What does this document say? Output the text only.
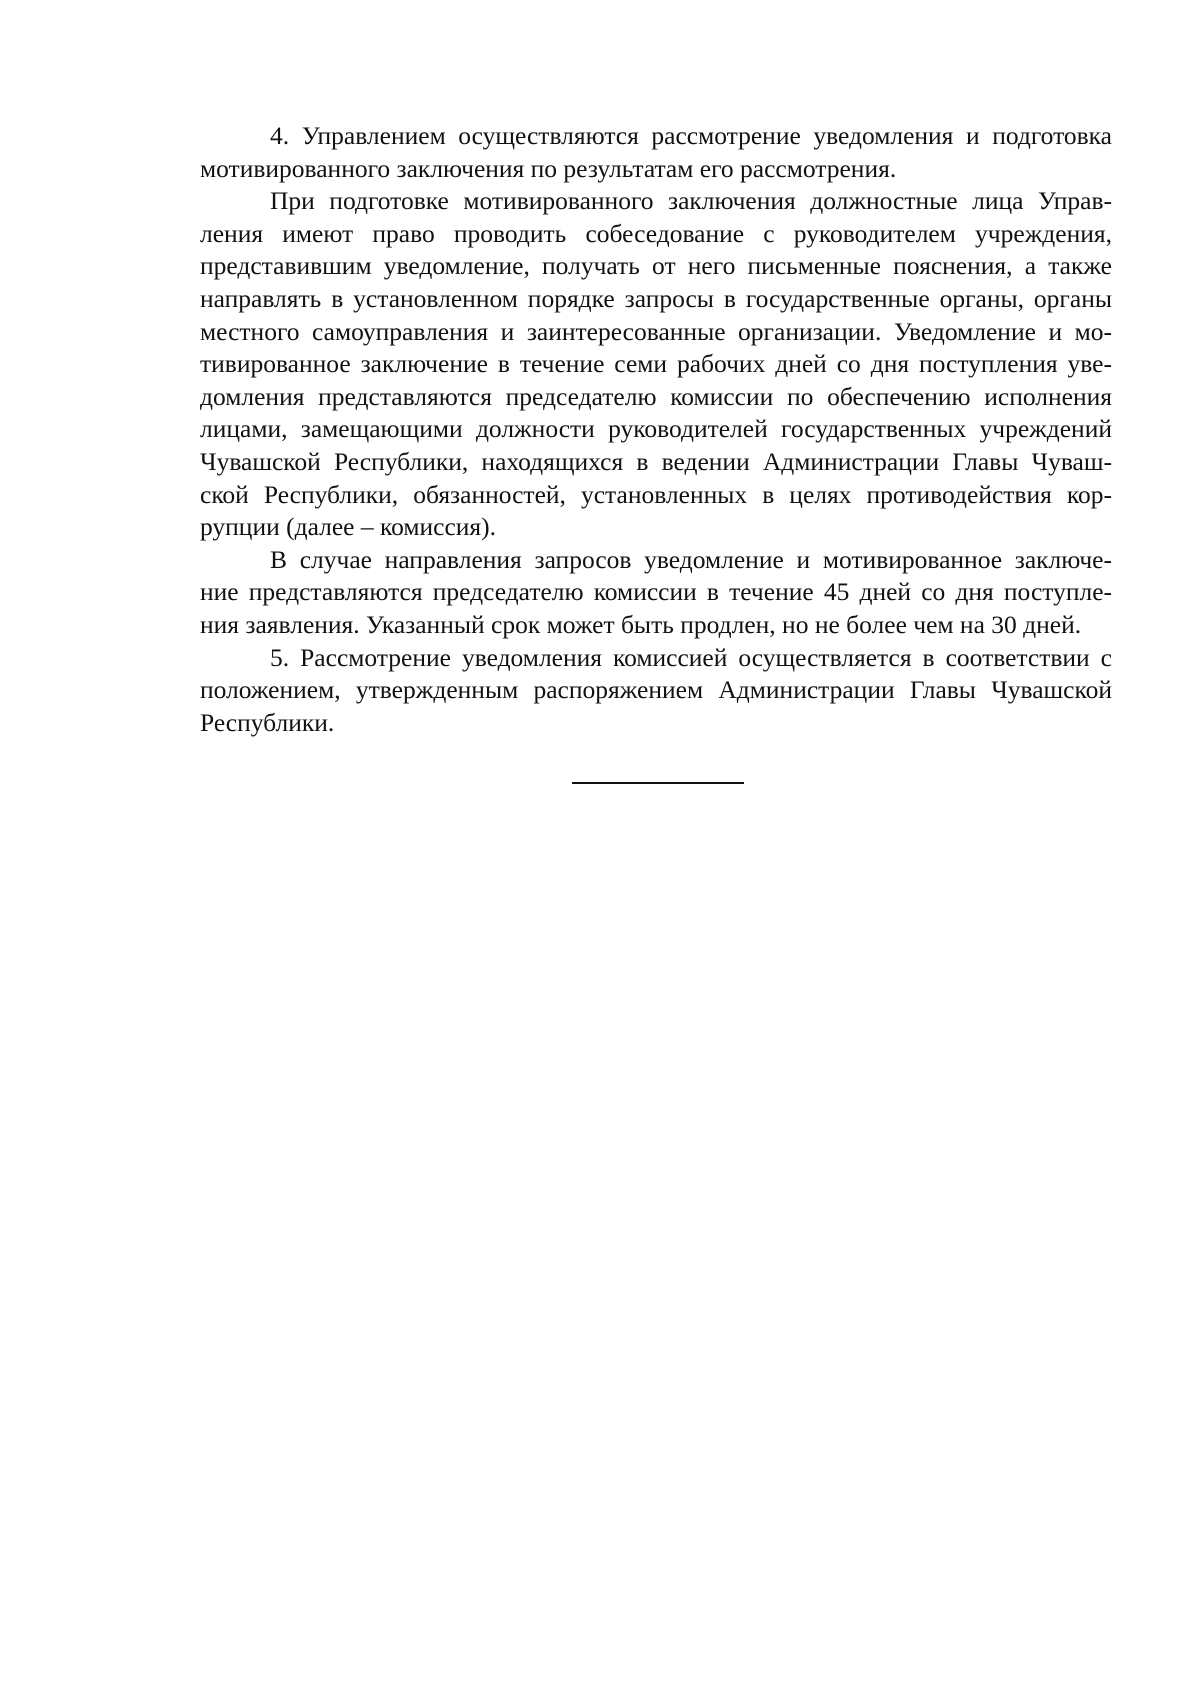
4. Управлением осуществляются рассмотрение уведомления и подготовка
мотивированного заключения по результатам его рассмотрения.
При подготовке мотивированного заключения должностные лица Управ-
ления имеют право проводить собеседование с руководителем учреждения,
представившим уведомление, получать от него письменные пояснения, а также
направлять в установленном порядке запросы в государственные органы, органы
местного самоуправления и заинтересованные организации. Уведомление и мо-
тивированное заключение в течение семи рабочих дней со дня поступления уве-
домления представляются председателю комиссии по обеспечению исполнения
лицами, замещающими должности руководителей государственных учреждений
Чувашской Республики, находящихся в ведении Администрации Главы Чуваш-
ской Республики, обязанностей, установленных в целях противодействия кор-
рупции (далее – комиссия).
В случае направления запросов уведомление и мотивированное заключе-
ние представляются председателю комиссии в течение 45 дней со дня поступле-
ния заявления. Указанный срок может быть продлен, но не более чем на 30 дней.
5. Рассмотрение уведомления комиссией осуществляется в соответствии с
положением, утвержденным распоряжением Администрации Главы Чувашской
Республики.
